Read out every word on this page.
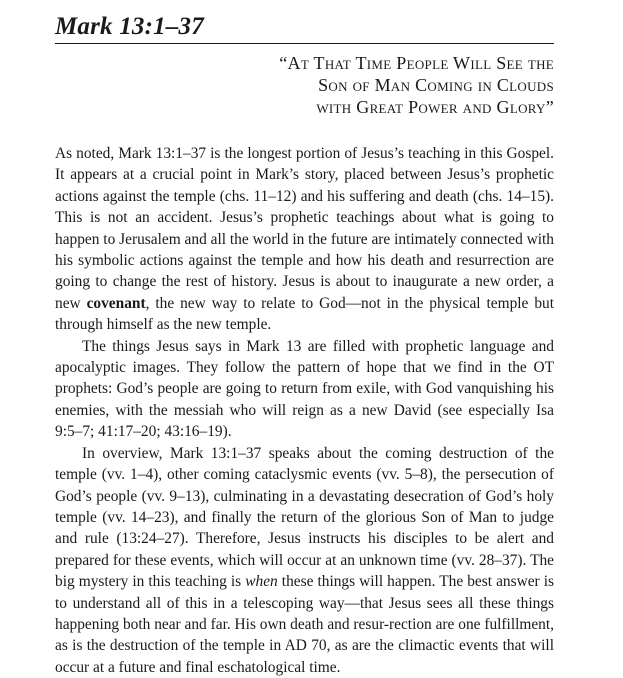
Mark 13:1–37
“At That Time People Will See the
Son of Man Coming in Clouds
with Great Power and Glory”

As noted, Mark 13:1–37 is the longest portion of Jesus’s teaching in this Gospel. It appears at a crucial point in Mark’s story, placed between Jesus’s prophetic actions against the temple (chs. 11–12) and his suffering and death (chs. 14–15). This is not an accident. Jesus’s prophetic teachings about what is going to happen to Jerusalem and all the world in the future are intimately connected with his symbolic actions against the temple and how his death and resurrection are going to change the rest of history. Jesus is about to inaugurate a new order, a new covenant, the new way to relate to God—not in the physical temple but through himself as the new temple.

The things Jesus says in Mark 13 are filled with prophetic language and apocalyptic images. They follow the pattern of hope that we find in the OT prophets: God’s people are going to return from exile, with God vanquishing his enemies, with the messiah who will reign as a new David (see especially Isa 9:5–7; 41:17–20; 43:16–19).

In overview, Mark 13:1–37 speaks about the coming destruction of the temple (vv. 1–4), other coming cataclysmic events (vv. 5–8), the persecution of God’s people (vv. 9–13), culminating in a devastating desecration of God’s holy temple (vv. 14–23), and finally the return of the glorious Son of Man to judge and rule (13:24–27). Therefore, Jesus instructs his disciples to be alert and prepared for these events, which will occur at an unknown time (vv. 28–37). The big mystery in this teaching is when these things will happen. The best answer is to understand all of this in a telescoping way—that Jesus sees all these things happening both near and far. His own death and resur-rection are one fulfillment, as is the destruction of the temple in AD 70, as are the climactic events that will occur at a future and final eschatological time.
